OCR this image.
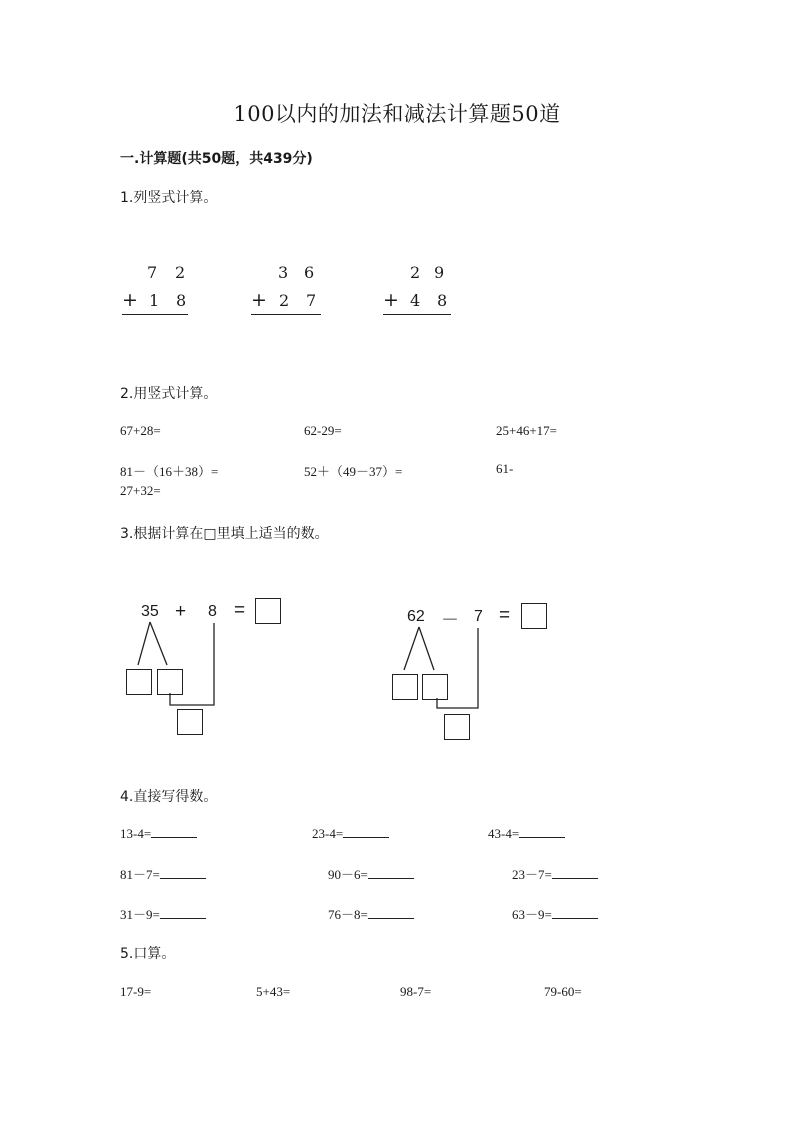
100以内的加法和减法计算题50道
一.计算题(共50题，共439分)
1.列竖式计算。
7 2
+ 1 8
3 6
+ 2 7
2 9
+ 4 8
2.用竖式计算。
67+28=	62-29=	25+46+17=
81－（16＋38）=	52＋（49－37）=	61-
27+32=
3.根据计算在□里填上适当的数。
35 + 8 =	62 － 7 =
4.直接写得数。
13-4=	23-4=	43-4=
81－7=	90－6=	23－7=
31－9=	76－8=	63－9=
5.口算。
17-9=	5+43=	98-7=	79-60=
